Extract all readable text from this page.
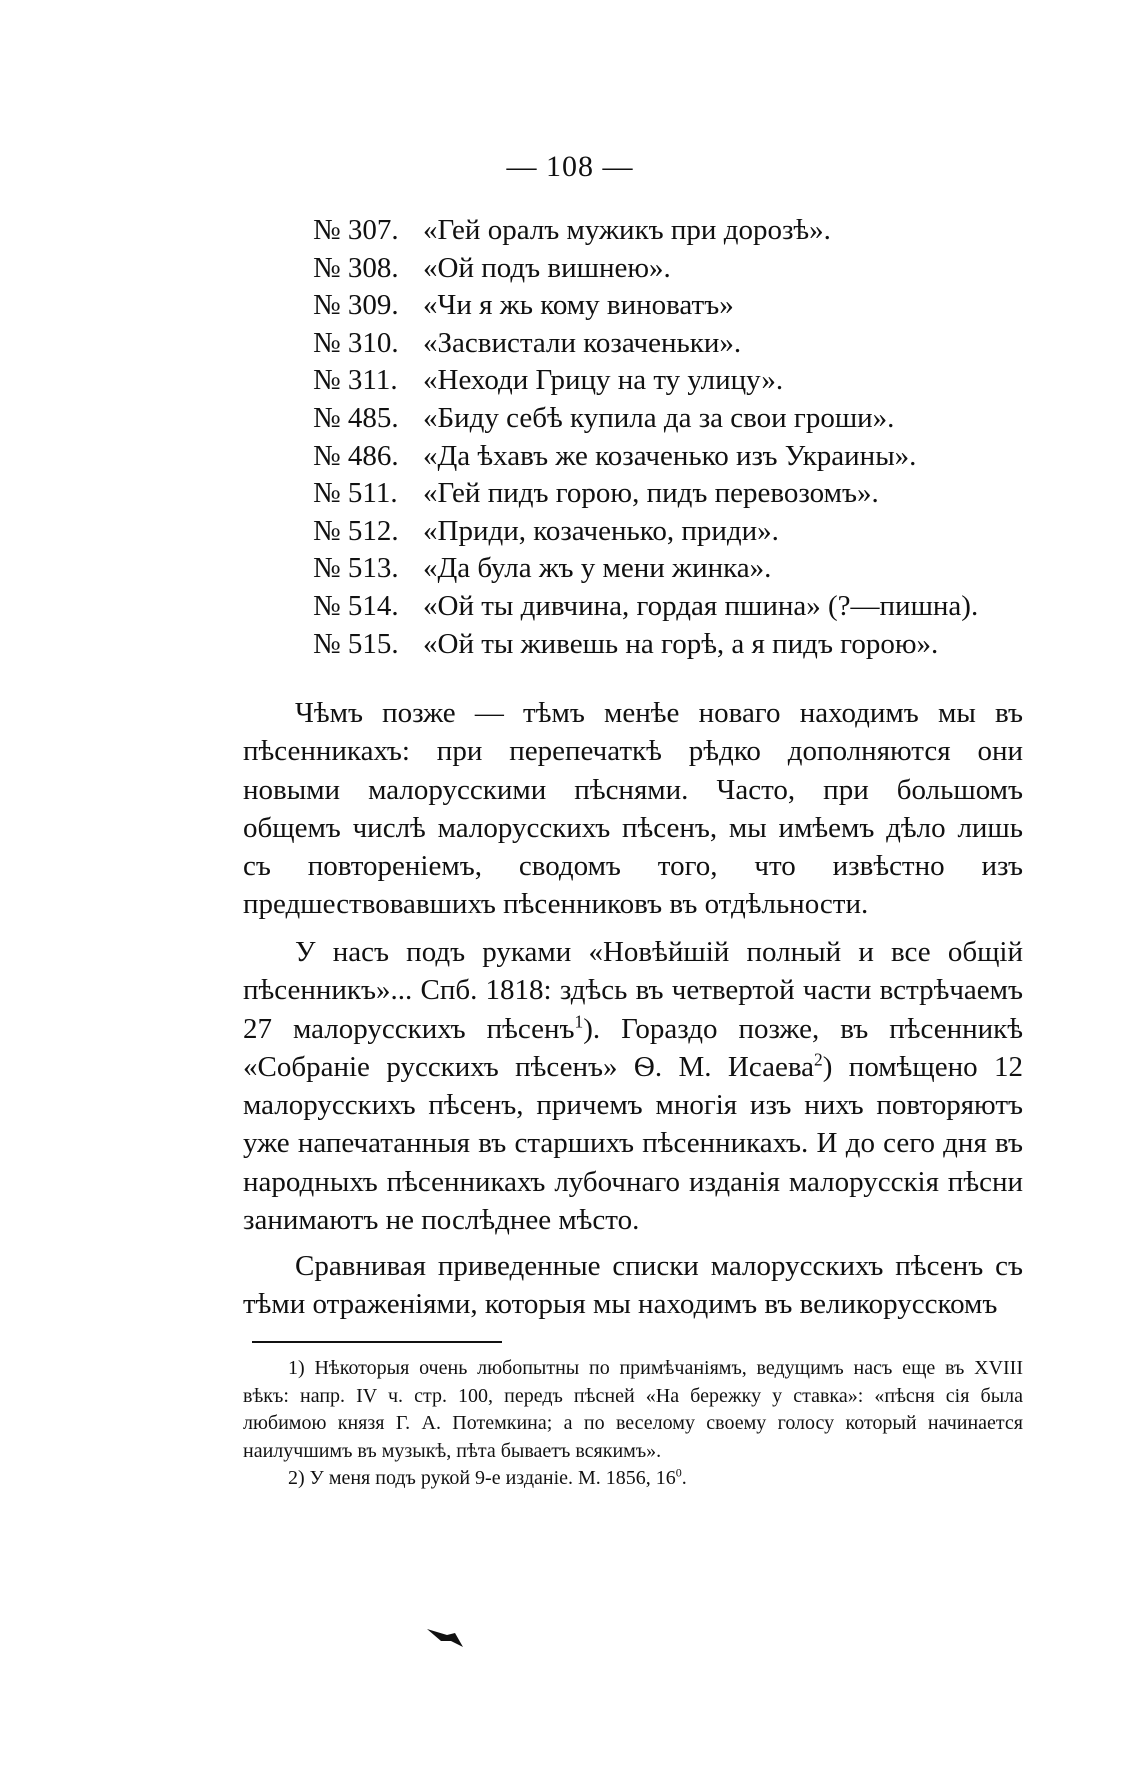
— 108 —
№ 307. «Гей оралъ мужикъ при дорозѣ».
№ 308. «Ой подъ вишнею».
№ 309. «Чи я жь кому виноватъ»
№ 310. «Засвистали козаченьки».
№ 311. «Неходи Грицу на ту улицу».
№ 485. «Биду себѣ купила да за свои гроши».
№ 486. «Да ѣхавъ же козаченько изъ Украины».
№ 511. «Гей пидъ горою, пидъ перевозомъ».
№ 512. «Приди, козаченько, приди».
№ 513. «Да була жъ у мени жинка».
№ 514. «Ой ты дивчина, гордая пшина» (?—пишна).
№ 515. «Ой ты живешь на горѣ, а я пидъ горою».

Чѣмъ позже — тѣмъ менѣе новаго находимъ мы въ пѣсенникахъ: при перепечаткѣ рѣдко дополняются они новыми малорусскими пѣснями. Часто, при большомъ общемъ числѣ малорусскихъ пѣсенъ, мы имѣемъ дѣло лишь съ повтореніемъ, сводомъ того, что извѣстно изъ предшествовавшихъ пѣсенниковъ въ отдѣльности.

У насъ подъ руками «Новѣйшій полный и все общій пѣсенникъ»... Спб. 1818: здѣсь въ четвертой части встрѣчаемъ 27 малорусскихъ пѣсенъ$^1$). Гораздо позже, въ пѣсенникѣ «Собраніе русскихъ пѣсенъ» Ѳ. М. Исаева$^2$) помѣщено 12 малорусскихъ пѣсенъ, причемъ многія изъ нихъ повторяютъ уже напечатанныя въ старшихъ пѣсенникахъ. И до сего дня въ народныхъ пѣсенникахъ лубочнаго изданія малорусскія пѣсни занимаютъ не послѣднее мѣсто.

Сравнивая приведенные списки малорусскихъ пѣсенъ съ тѣми отраженіями, которыя мы находимъ въ великорусскомъ

1) Нѣкоторыя очень любопытны по примѣчаніямъ, ведущимъ насъ еще въ XVIII вѣкъ: напр. IV ч. стр. 100, передъ пѣсней «На бережку у ставка»: «пѣсня сія была любимою князя Г. А. Потемкина; а по веселому своему голосу который начинается наилучшимъ въ музыкѣ, пѣта бываетъ всякимъ».

2) У меня подъ рукой 9-е изданіе. М. 1856, $16^0$.
